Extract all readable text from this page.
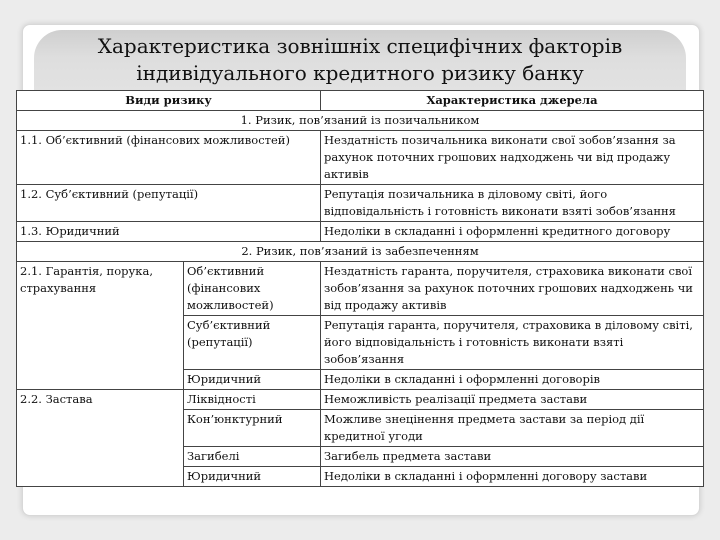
Характеристика зовнішніх специфічних факторів
індивідуального кредитного ризику банку
Види ризику		Характеристика джерела
1. Ризик, пов’язаний із позичальником		
1.1. Об’єктивний (фінансових можливостей)		Нездатність позичальника виконати свої зобов’язання за рахунок поточних грошових надходжень чи від продажу активів
1.2. Суб’єктивний (репутації)		Репутація позичальника в діловому світі, його відповідальність і готовність виконати взяті зобов’язання
1.3. Юридичний		Недоліки в складанні і оформленні кредитного договору
2. Ризик, пов’язаний із забезпеченням		
2.1. Гарантія, порука, страхування	Об’єктивний (фінансових можливостей)	Нездатність гаранта, поручителя, страховика виконати свої зобов’язання за рахунок поточних грошових надходжень чи від продажу активів
	Суб’єктивний (репутації)	Репутація гаранта, поручителя, страховика в діловому світі, його відповідальність і готовність виконати взяті зобов’язання
	Юридичний	Недоліки в складанні і оформленні договорів
2.2. Застава	Ліквідності	Неможливість реалізації предмета застави
	Кон’юнктурний	Можливе знецінення предмета застави за період дії кредитної угоди
	Загибелі	Загибель предмета застави
	Юридичний	Недоліки в складанні і оформленні договору застави
